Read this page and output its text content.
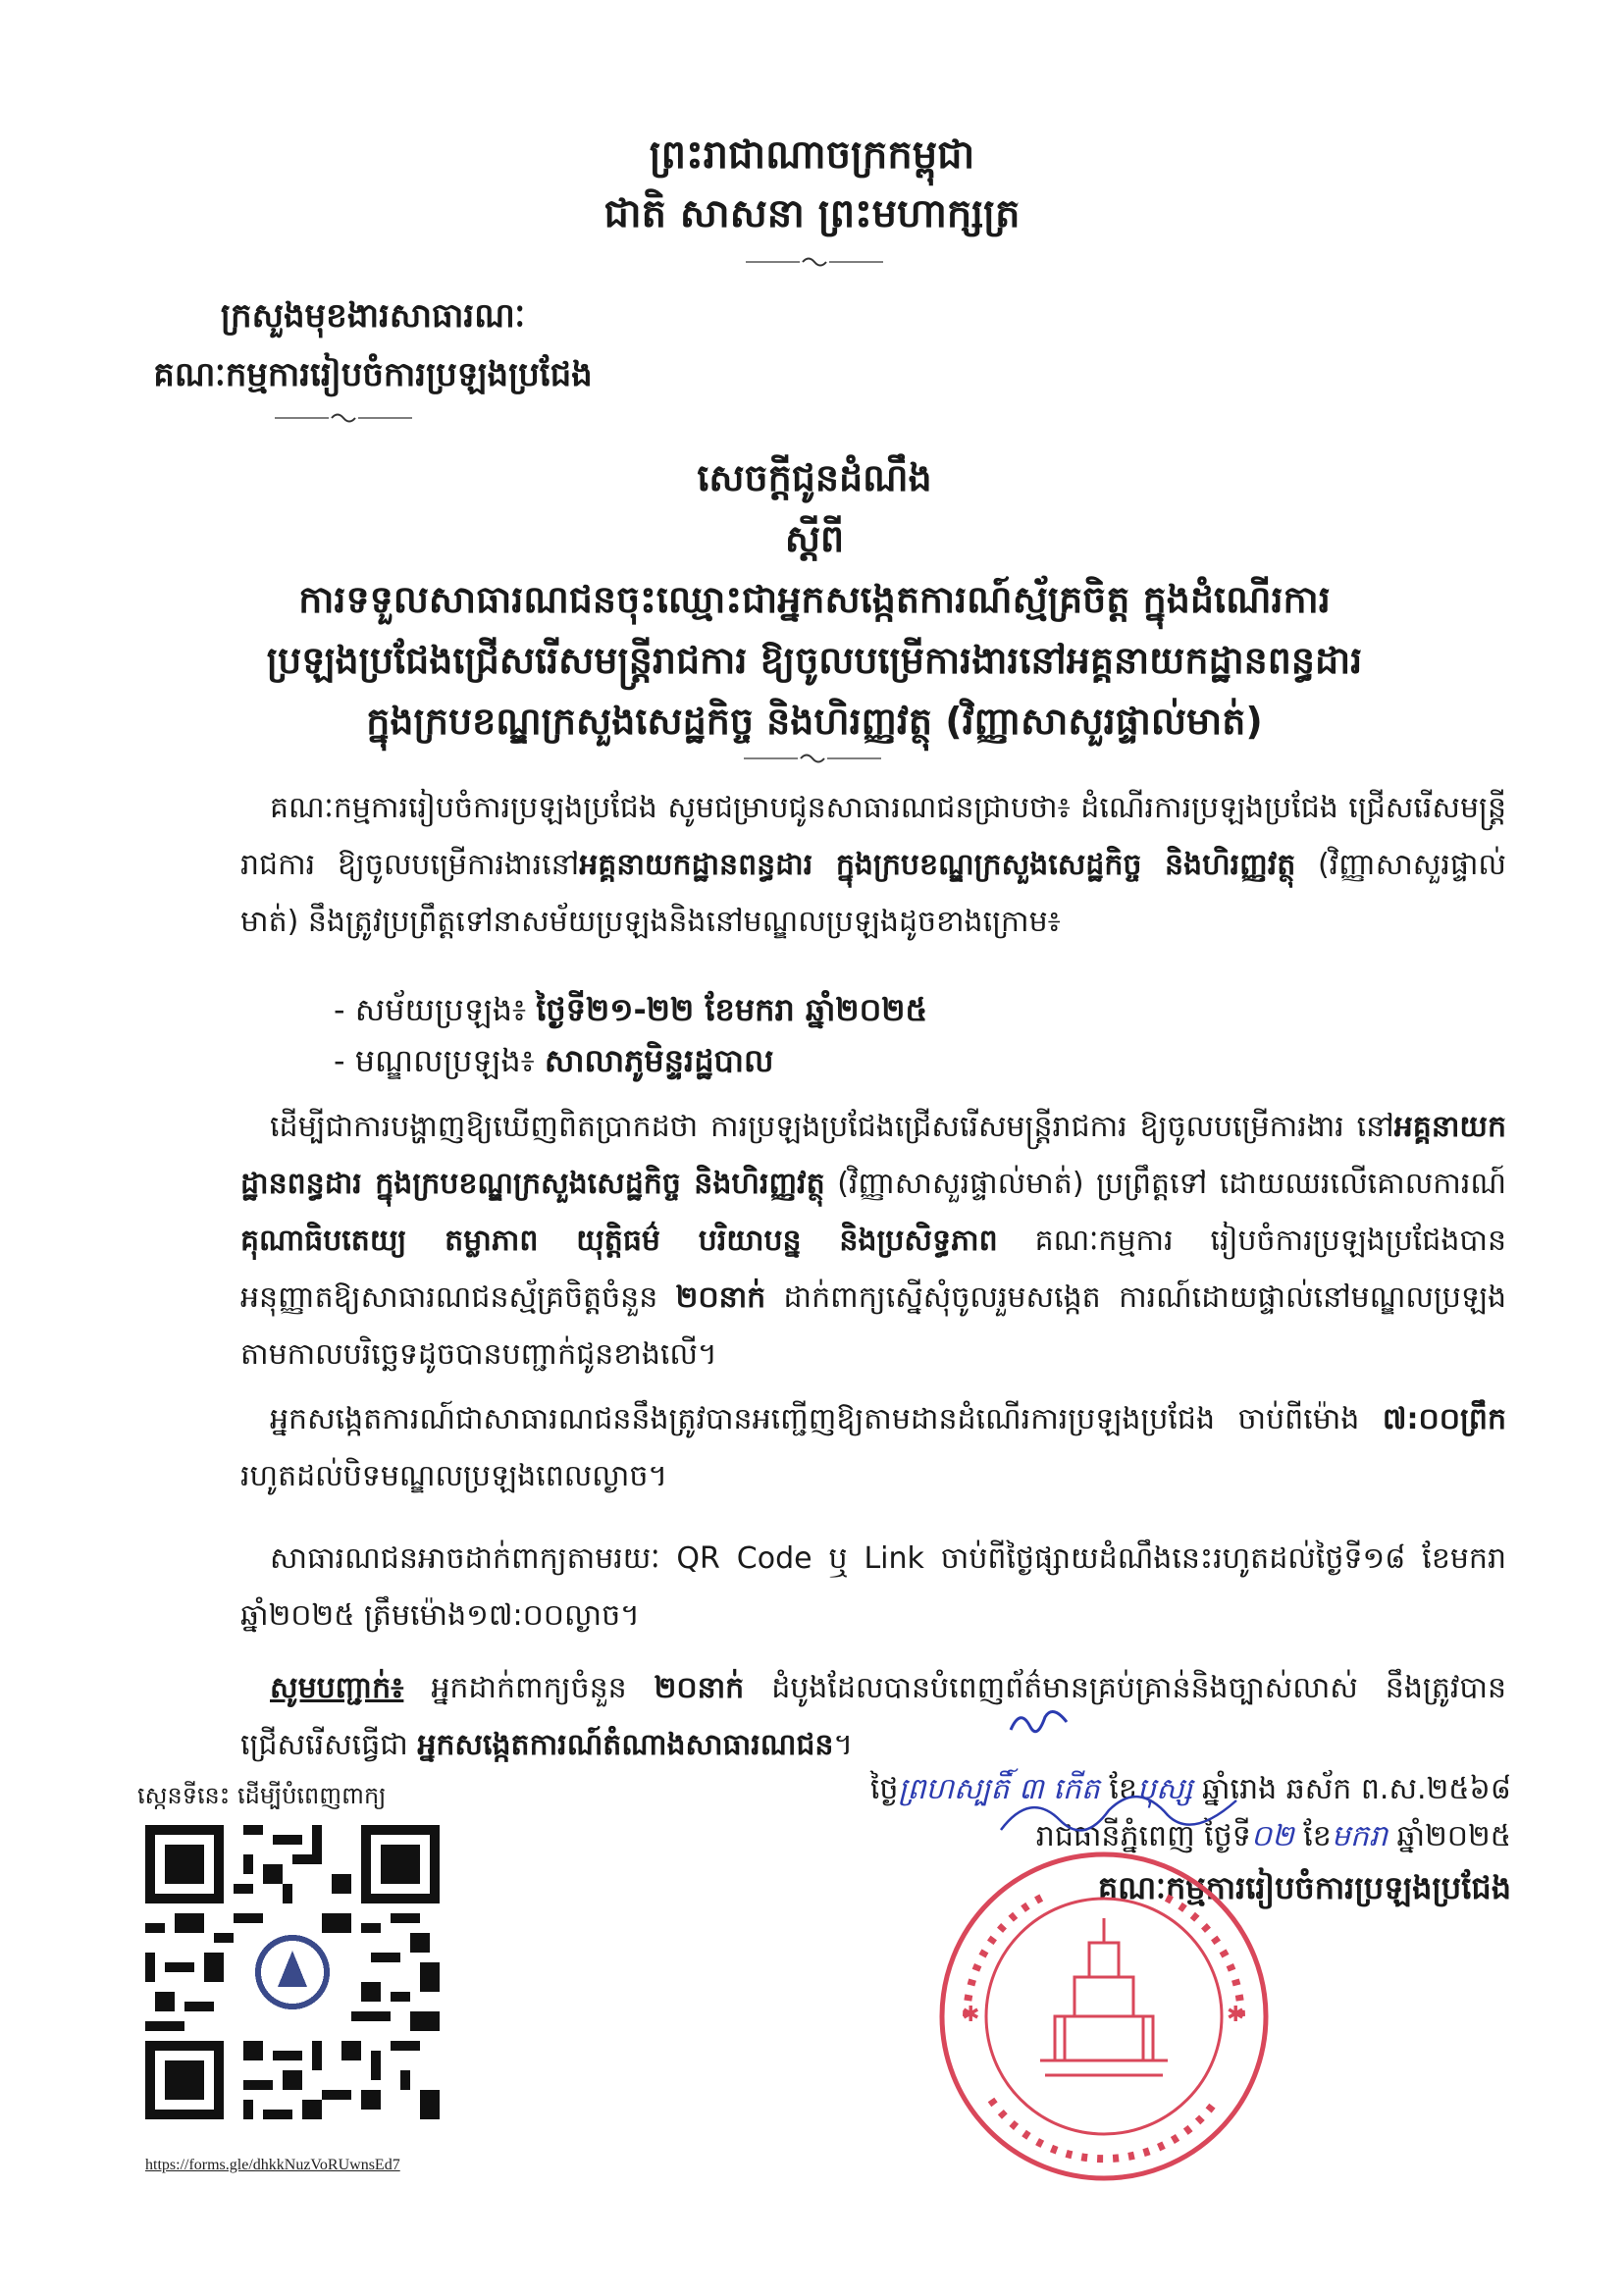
ព្រះរាជាណាចក្រកម្ពុជា
ជាតិ សាសនា ព្រះមហាក្សត្រ
ក្រសួងមុខងារសាធារណៈ
គណៈកម្មការរៀបចំការប្រឡងប្រជែង
សេចក្តីជូនដំណឹង
ស្តីពី
ការទទួលសាធារណជនចុះឈ្មោះជាអ្នកសង្កេតការណ៍ស្ម័គ្រចិត្ត ក្នុងដំណើរការ
ប្រឡងប្រជែងជ្រើសរើសមន្ត្រីរាជការ ឱ្យចូលបម្រើការងារនៅអគ្គនាយកដ្ឋានពន្ធដារ
ក្នុងក្របខណ្ឌក្រសួងសេដ្ឋកិច្ច និងហិរញ្ញវត្ថុ (វិញ្ញាសាសួរផ្ទាល់មាត់)
គណៈកម្មការរៀបចំការប្រឡងប្រជែង សូមជម្រាបជូនសាធារណជនជ្រាបថា៖ ដំណើរការប្រឡងប្រជែង ជ្រើសរើសមន្ត្រីរាជការ ឱ្យចូលបម្រើការងារនៅអគ្គនាយកដ្ឋានពន្ធដារ ក្នុងក្របខណ្ឌក្រសួងសេដ្ឋកិច្ច និងហិរញ្ញវត្ថុ (វិញ្ញាសាសួរផ្ទាល់មាត់) នឹងត្រូវប្រព្រឹត្តទៅនាសម័យប្រឡងនិងនៅមណ្ឌលប្រឡងដូចខាងក្រោម៖
- សម័យប្រឡង៖ ថ្ងៃទី២១-២២ ខែមករា ឆ្នាំ២០២៥
- មណ្ឌលប្រឡង៖ សាលាភូមិន្ទរដ្ឋបាល
ដើម្បីជាការបង្ហាញឱ្យឃើញពិតប្រាកដថា ការប្រឡងប្រជែងជ្រើសរើសមន្ត្រីរាជការ ឱ្យចូលបម្រើការងារ នៅអគ្គនាយកដ្ឋានពន្ធដារ ក្នុងក្របខណ្ឌក្រសួងសេដ្ឋកិច្ច និងហិរញ្ញវត្ថុ (វិញ្ញាសាសួរផ្ទាល់មាត់) ប្រព្រឹត្តទៅ ដោយឈរលើគោលការណ៍ គុណាធិបតេយ្យ តម្លាភាព យុត្តិធម៌ បរិយាបន្ន និងប្រសិទ្ធភាព គណៈកម្មការ រៀបចំការប្រឡងប្រជែងបានអនុញ្ញាតឱ្យសាធារណជនស្ម័គ្រចិត្តចំនួន ២០នាក់ ដាក់ពាក្យស្នើសុំចូលរួមសង្កេត ការណ៍ដោយផ្ទាល់នៅមណ្ឌលប្រឡង តាមកាលបរិច្ឆេទដូចបានបញ្ជាក់ជូនខាងលើ។
អ្នកសង្កេតការណ៍ជាសាធារណជននឹងត្រូវបានអញ្ជើញឱ្យតាមដានដំណើរការប្រឡងប្រជែង ចាប់ពីម៉ោង ៧:០០ព្រឹក រហូតដល់បិទមណ្ឌលប្រឡងពេលល្ងាច។
សាធារណជនអាចដាក់ពាក្យតាមរយៈ QR Code ឬ Link ចាប់ពីថ្ងៃផ្សាយដំណឹងនេះរហូតដល់ថ្ងៃទី១៨ ខែមករា ឆ្នាំ២០២៥ ត្រឹមម៉ោង១៧:០០ល្ងាច។
សូមបញ្ជាក់៖ អ្នកដាក់ពាក្យចំនួន ២០នាក់ ដំបូងដែលបានបំពេញព័ត៌មានគ្រប់គ្រាន់និងច្បាស់លាស់ នឹងត្រូវបានជ្រើសរើសធ្វើជា អ្នកសង្កេតការណ៍តំណាងសាធារណជន។
ថ្ងៃព្រហស្បតិ៍ ៣ កើត ខែបុស្ស ឆ្នាំរោង ឆស័ក ព.ស.២៥៦៨
រាជធានីភ្នំពេញ ថ្ងៃទី០២ ខែមករា ឆ្នាំ២០២៥
គណៈកម្មការរៀបចំការប្រឡងប្រជែង
✱	✱
ស្កេនទីនេះ ដើម្បីបំពេញពាក្យ
https://forms.gle/dhkkNuzVoRUwnsEd7
